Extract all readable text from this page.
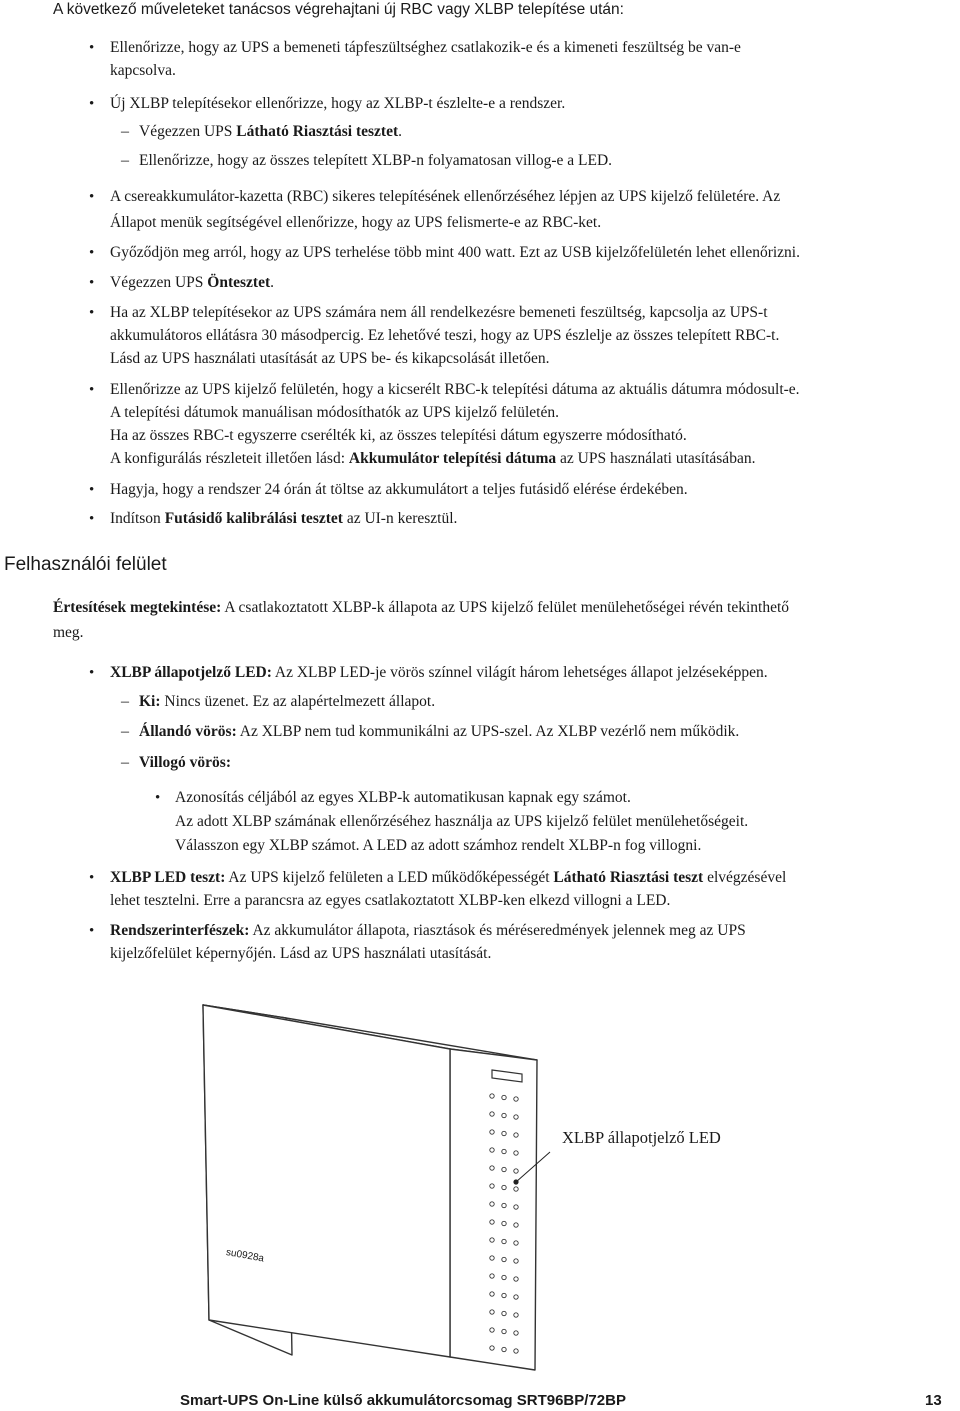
A következő műveleteket tanácsos végrehajtani új RBC vagy XLBP telepítése után:
• Ellenőrizze, hogy az UPS a bemeneti tápfeszültséghez csatlakozik-e és a kimeneti feszültség be van-e
kapcsolva.
• Új XLBP telepítésekor ellenőrizze, hogy az XLBP-t észlelte-e a rendszer.
– Végezzen UPS Látható Riasztási tesztet.
– Ellenőrizze, hogy az összes telepített XLBP-n folyamatosan villog-e a LED.
• A csereakkumulátor-kazetta (RBC) sikeres telepítésének ellenőrzéséhez lépjen az UPS kijelző felületére. Az
Állapot menük segítségével ellenőrizze, hogy az UPS felismerte-e az RBC-ket.
• Győződjön meg arról, hogy az UPS terhelése több mint 400 watt. Ezt az USB kijelzőfelületén lehet ellenőrizni.
• Végezzen UPS Öntesztet.
• Ha az XLBP telepítésekor az UPS számára nem áll rendelkezésre bemeneti feszültség, kapcsolja az UPS-t
akkumulátoros ellátásra 30 másodpercig. Ez lehetővé teszi, hogy az UPS észlelje az összes telepített RBC-t.
Lásd az UPS használati utasítását az UPS be- és kikapcsolását illetően.
• Ellenőrizze az UPS kijelző felületén, hogy a kicserélt RBC-k telepítési dátuma az aktuális dátumra módosult-e.
A telepítési dátumok manuálisan módosíthatók az UPS kijelző felületén.
Ha az összes RBC-t egyszerre cserélték ki, az összes telepítési dátum egyszerre módosítható.
A konfigurálás részleteit illetően lásd: Akkumulátor telepítési dátuma az UPS használati utasításában.
• Hagyja, hogy a rendszer 24 órán át töltse az akkumulátort a teljes futásidő elérése érdekében.
• Indítson Futásidő kalibrálási tesztet az UI-n keresztül.
Felhasználói felület
Értesítések megtekintése: A csatlakoztatott XLBP-k állapota az UPS kijelző felület menülehetőségei révén tekinthető
meg.
• XLBP állapotjelző LED: Az XLBP LED-je vörös színnel világít három lehetséges állapot jelzéseképpen.
– Ki: Nincs üzenet. Ez az alapértelmezett állapot.
– Állandó vörös: Az XLBP nem tud kommunikálni az UPS-szel. Az XLBP vezérlő nem működik.
– Villogó vörös:
• Azonosítás céljából az egyes XLBP-k automatikusan kapnak egy számot.
Az adott XLBP számának ellenőrzéséhez használja az UPS kijelző felület menülehetőségeit.
Válasszon egy XLBP számot. A LED az adott számhoz rendelt XLBP-n fog villogni.
• XLBP LED teszt: Az UPS kijelző felületen a LED működőképességét Látható Riasztási teszt elvégzésével
lehet tesztelni. Erre a parancsra az egyes csatlakoztatott XLBP-ken elkezd villogni a LED.
• Rendszerinterfészek: Az akkumulátor állapota, riasztások és méréseredmények jelennek meg az UPS
kijelzőfelület képernyőjén. Lásd az UPS használati utasítását.
XLBP állapotjelző LED
su0928a
Smart-UPS On-Line külső akkumulátorcsomag SRT96BP/72BP	13
